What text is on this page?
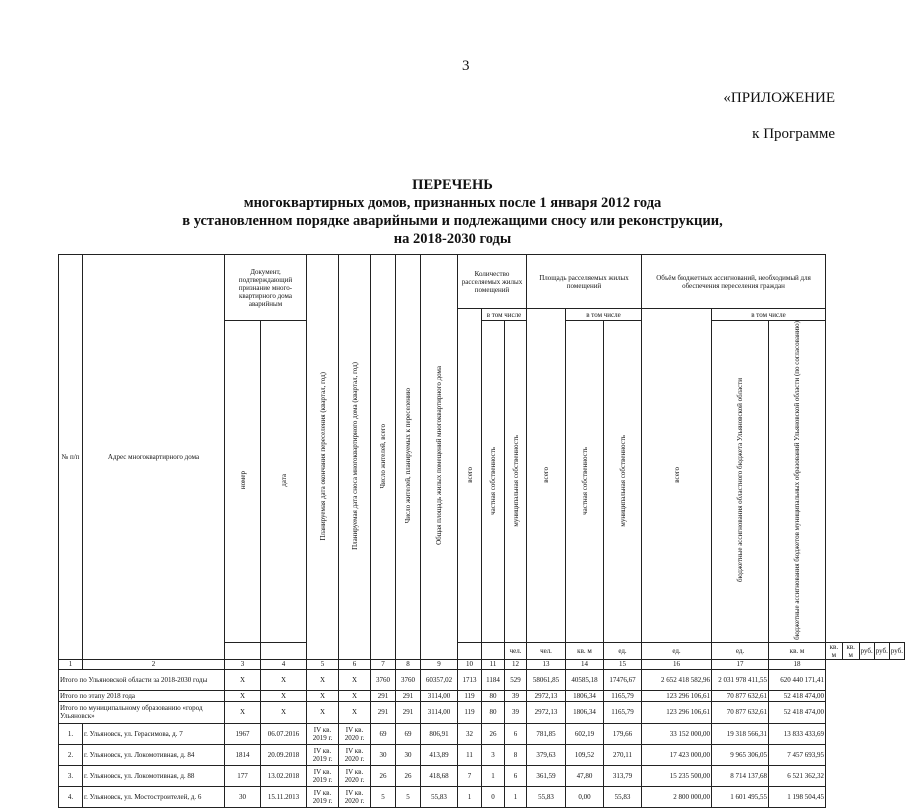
3
«ПРИЛОЖЕНИЕ
к Программе
ПЕРЕЧЕНЬ
многоквартирных домов, признанных после 1 января 2012 года
в установленном порядке аварийными и подлежащими сносу или реконструкции,
на 2018-2030 годы
№ п/п	Адрес многоквартирного дома	Документ, подтверждающий признание много-квартирного дома аварийным		Планируемая дата окончания переселения (квартал, год)	Планируемая дата сноса многоквартирного дома (квартал, год)	Число жителей, всего	Число жителей, планируемых к переселению	Общая площадь жилых помещений многоквартирного дома	Количество расселяемых жилых помещений			Площадь расселяемых жилых помещений			Объём бюджетных ассигнований, необходимый для обеспечения переселения граждан							
									всего	в том числе		всего	в том числе		всего	в том числе						
		номер	дата							частная собственность	муниципальная собственность		частная собственность	муниципальная собственность		бюджетные ассигнования областного бюджета Ульяновской области	бюджетные ассигнования бюджетов муниципальных образований Ульяновской области (по согласованию)					
											чел.	чел.	кв. м	ед.	ед.	ед.	кв. м	кв. м	кв. м	руб.	руб.	руб.
1	2	3	4	5	6	7	8	9	10	11	12	13	14	15	16	17	18					
Итого по Ульяновской области за 2018-2030 годы		X	X	X	X	3760	3760	60357,02	1713	1184	529	58061,85	40585,18	17476,67	2 652 418 582,96	2 031 978 411,55	620 440 171,41					
Итого по этапу 2018 года		X	X	X	X	291	291	3114,00	119	80	39	2972,13	1806,34	1165,79	123 296 106,61	70 877 632,61	52 418 474,00					
Итого по муниципальному образованию «город Ульяновск»		X	X	X	X	291	291	3114,00	119	80	39	2972,13	1806,34	1165,79	123 296 106,61	70 877 632,61	52 418 474,00					
1.	г. Ульяновск, ул. Герасимова, д. 7	1967	06.07.2016	IV кв. 2019 г.	IV кв. 2020 г.	69	69	806,91	32	26	6	781,85	602,19	179,66	33 152 000,00	19 318 566,31	13 833 433,69					
2.	г. Ульяновск, ул. Локомотивная, д. 84	1814	20.09.2018	IV кв. 2019 г.	IV кв. 2020 г.	30	30	413,89	11	3	8	379,63	109,52	270,11	17 423 000,00	9 965 306,05	7 457 693,95					
3.	г. Ульяновск, ул. Локомотивная, д. 88	177	13.02.2018	IV кв. 2019 г.	IV кв. 2020 г.	26	26	418,68	7	1	6	361,59	47,80	313,79	15 235 500,00	8 714 137,68	6 521 362,32					
4.	г. Ульяновск, ул. Мостостроителей, д. 6	30	15.11.2013	IV кв. 2019 г.	IV кв. 2020 г.	5	5	55,83	1	0	1	55,83	0,00	55,83	2 800 000,00	1 601 495,55	1 198 504,45					
